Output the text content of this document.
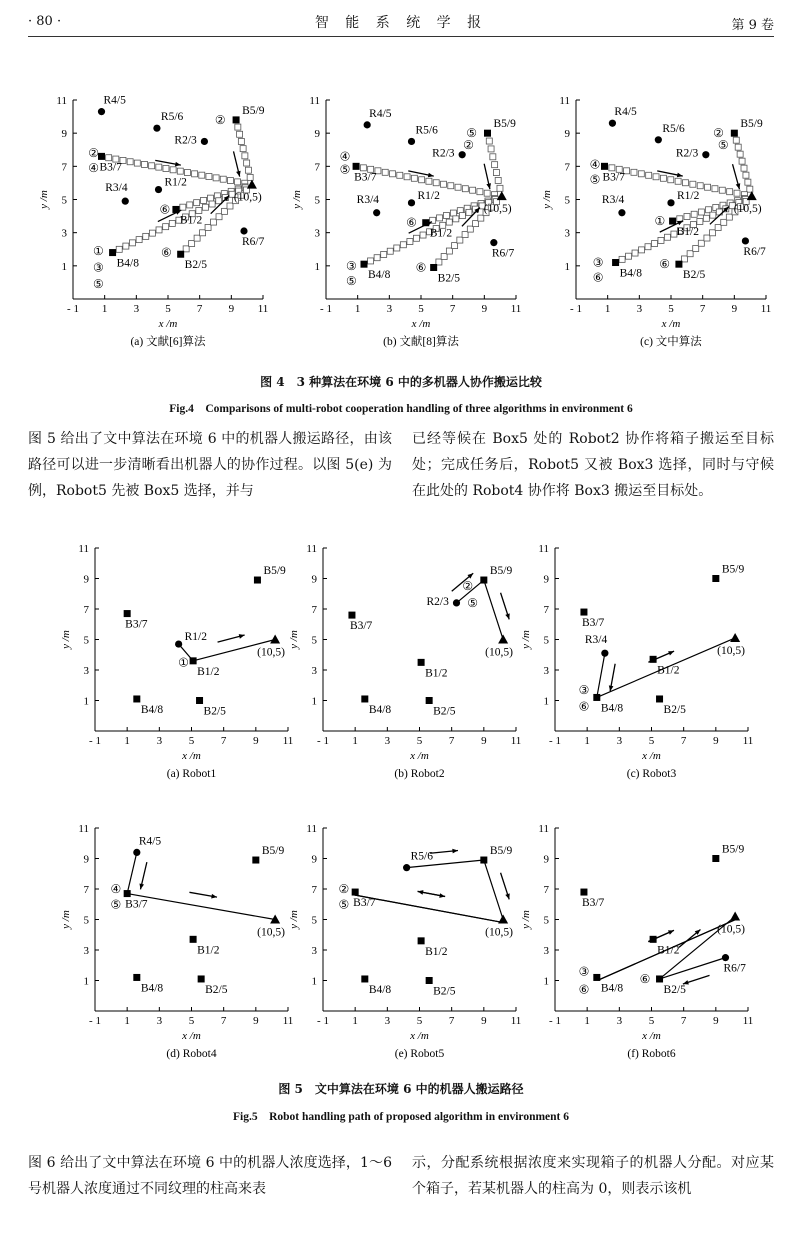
· 80 ·	智 能 系 统 学 报	第 9 卷
- 1 1 3 5 7 9 11
1
3
5
7
9
11
x /m
y /m
(a) 文献[6]算法
R4/5
R5/6
R2/3
R1/2
R3/4
R6/7
B5/9
B3/7
B1/2
B4/8	B2/5
(10,5)
②
④
⑥
①
③
⑤
⑥
②
- 1 1 3 5 7 9 11
1
3
5
7
9
11
x /m
y /m
(b) 文献[8]算法
R4/5
R5/6
R2/3
R1/2
R3/4
R6/7
B5/9
B3/7
B1/2
B4/8	B2/5
(10,5)
④
⑤
⑥
③
⑤
⑥
⑤
②
- 1 1 3 5 7 9 11
1
3
5
7
9
11
x /m
y /m
(c) 文中算法
R4/5
R5/6
R2/3
R1/2
R3/4
R6/7
B5/9
B3/7
B1/2
B4/8	B2/5
(10,5)
④
⑤
①
③
⑥
⑥
②
⑤
图 4　3 种算法在环境 6 中的多机器人协作搬运比较
Fig.4　Comparisons of multi-robot cooperation handling of three algorithms in environment 6

图 5 给出了文中算法在环境 6 中的机器人搬运路径，由该路径可以进一步清晰看出机器人的协作过程。以图 5(e) 为例，Robot5 先被 Box5 选择，并与

已经等候在 Box5 处的 Robot2 协作将箱子搬运至目标处；完成任务后，Robot5 又被 Box3 选择，同时与守候在此处的 Robot4 协作将 Box3 搬运至目标处。

- 1 1 3 5 7 9 11
1
3
5
7
9
11
x /m
y /m
(a) Robot1
R1/2
B5/9
B3/7
B1/2
B4/8	B2/5
(10,5)
①
- 1 1 3 5 7 9 11
1
3
5
7
9
11
x /m
y /m
(b) Robot2
R2/3
B5/9
B3/7
B1/2
B4/8	B2/5
(10,5)
②
⑤
- 1 1 3 5 7 9 11
1
3
5
7
9
11
x /m
y /m
(c) Robot3
R3/4
B5/9
B3/7
B1/2
B4/8	B2/5
(10,5)
③
⑥
- 1 1 3 5 7 9 11
1
3
5
7
9
11
x /m
y /m
(d) Robot4
R4/5
B5/9
B3/7
B1/2
B4/8	B2/5
(10,5)
④
⑤
- 1 1 3 5 7 9 11
1
3
5
7
9
11
x /m
y /m
(e) Robot5
R5/6	B5/9
B3/7
B1/2
B4/8	B2/5
(10,5)
②
⑤
- 1 1 3 5 7 9 11
1
3
5
7
9
11
x /m
y /m
(f) Robot6
R6/7
B5/9
B3/7
B1/2
B4/8	B2/5
(10,5)
⑥
③
⑥
图 5　文中算法在环境 6 中的机器人搬运路径
Fig.5　Robot handling path of proposed algorithm in environment 6

图 6 给出了文中算法在环境 6 中的机器人浓度选择，1～6 号机器人浓度通过不同纹理的柱高来表

示，分配系统根据浓度来实现箱子的机器人分配。对应某个箱子，若某机器人的柱高为 0，则表示该机
